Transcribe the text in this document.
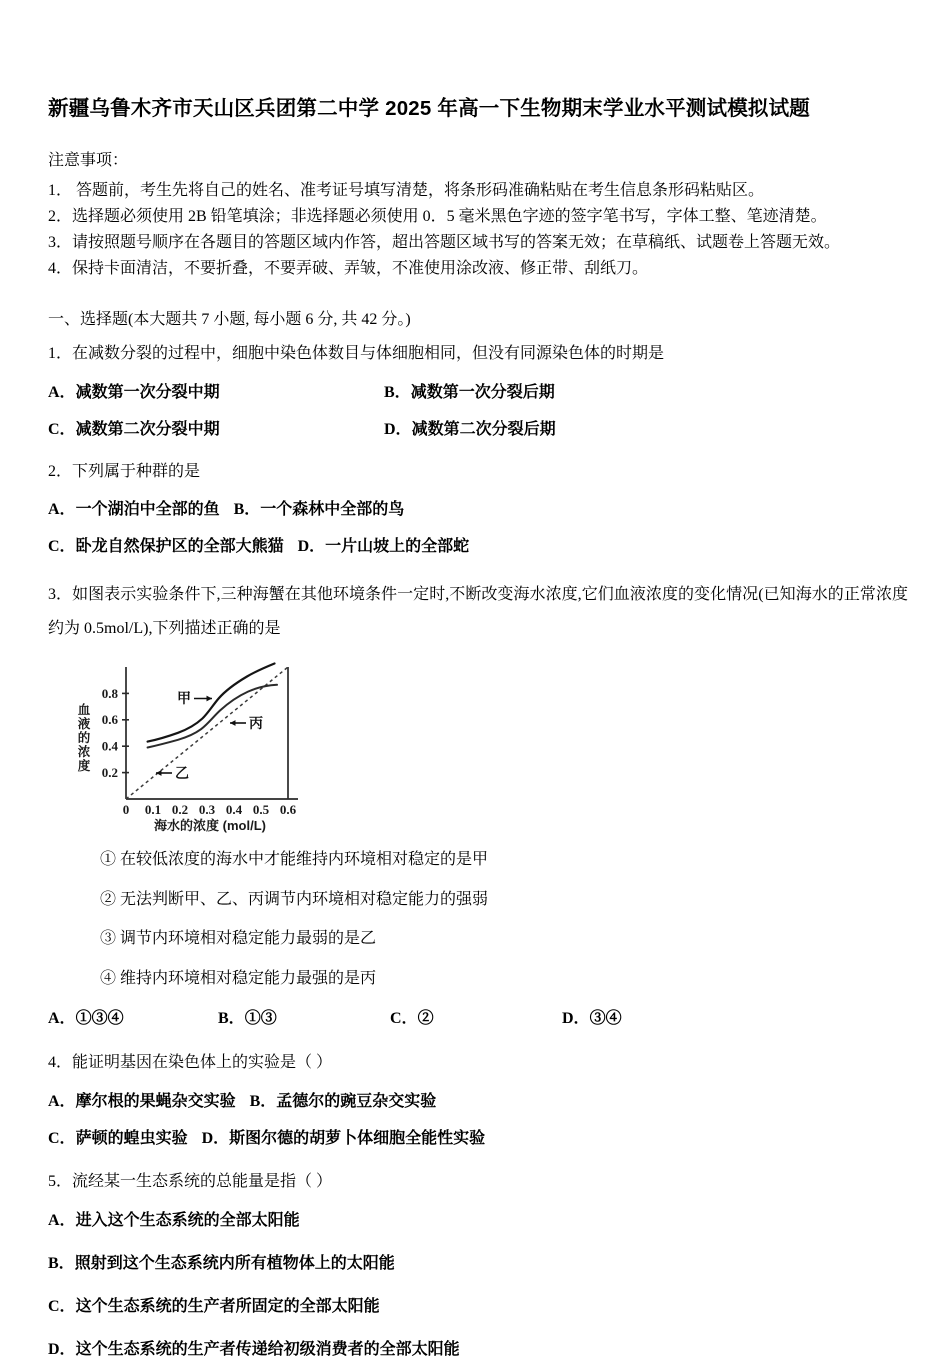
新疆乌鲁木齐市天山区兵团第二中学 2025 年高一下生物期末学业水平测试模拟试题
注意事项：
1． 答题前，考生先将自己的姓名、准考证号填写清楚，将条形码准确粘贴在考生信息条形码粘贴区。
2．选择题必须使用 2B 铅笔填涂；非选择题必须使用 0．5 毫米黑色字迹的签字笔书写，字体工整、笔迹清楚。
3．请按照题号顺序在各题目的答题区域内作答，超出答题区域书写的答案无效；在草稿纸、试题卷上答题无效。
4．保持卡面清洁，不要折叠，不要弄破、弄皱，不准使用涂改液、修正带、刮纸刀。
一、选择题(本大题共 7 小题, 每小题 6 分, 共 42 分。)
1．在减数分裂的过程中，细胞中染色体数目与体细胞相同，但没有同源染色体的时期是
A．减数第一次分裂中期	B．减数第一次分裂后期
C．减数第二次分裂中期	D．减数第二次分裂后期
2．下列属于种群的是
A．一个湖泊中全部的鱼 B．一个森林中全部的鸟
C．卧龙自然保护区的全部大熊猫 D．一片山坡上的全部蛇
3．如图表示实验条件下,三种海蟹在其他环境条件一定时,不断改变海水浓度,它们血液浓度的变化情况(已知海水的正常浓度约为 0.5mol/L),下列描述正确的是
0.2
0.4
0.6
0.8
血
液
的
浓
度
0 0.1 0.2 0.3 0.4 0.5 0.6
海水的浓度 (mol/L)
甲
丙
乙
① 在较低浓度的海水中才能维持内环境相对稳定的是甲
② 无法判断甲、乙、丙调节内环境相对稳定能力的强弱
③ 调节内环境相对稳定能力最弱的是乙
④ 维持内环境相对稳定能力最强的是丙
A．①③④	B．①③	C．②	D．③④
4．能证明基因在染色体上的实验是（ ）
A．摩尔根的果蝇杂交实验 B．孟德尔的豌豆杂交实验
C．萨顿的蝗虫实验 D．斯图尔德的胡萝卜体细胞全能性实验
5．流经某一生态系统的总能量是指（ ）
A．进入这个生态系统的全部太阳能
B．照射到这个生态系统内所有植物体上的太阳能
C．这个生态系统的生产者所固定的全部太阳能
D．这个生态系统的生产者传递给初级消费者的全部太阳能
